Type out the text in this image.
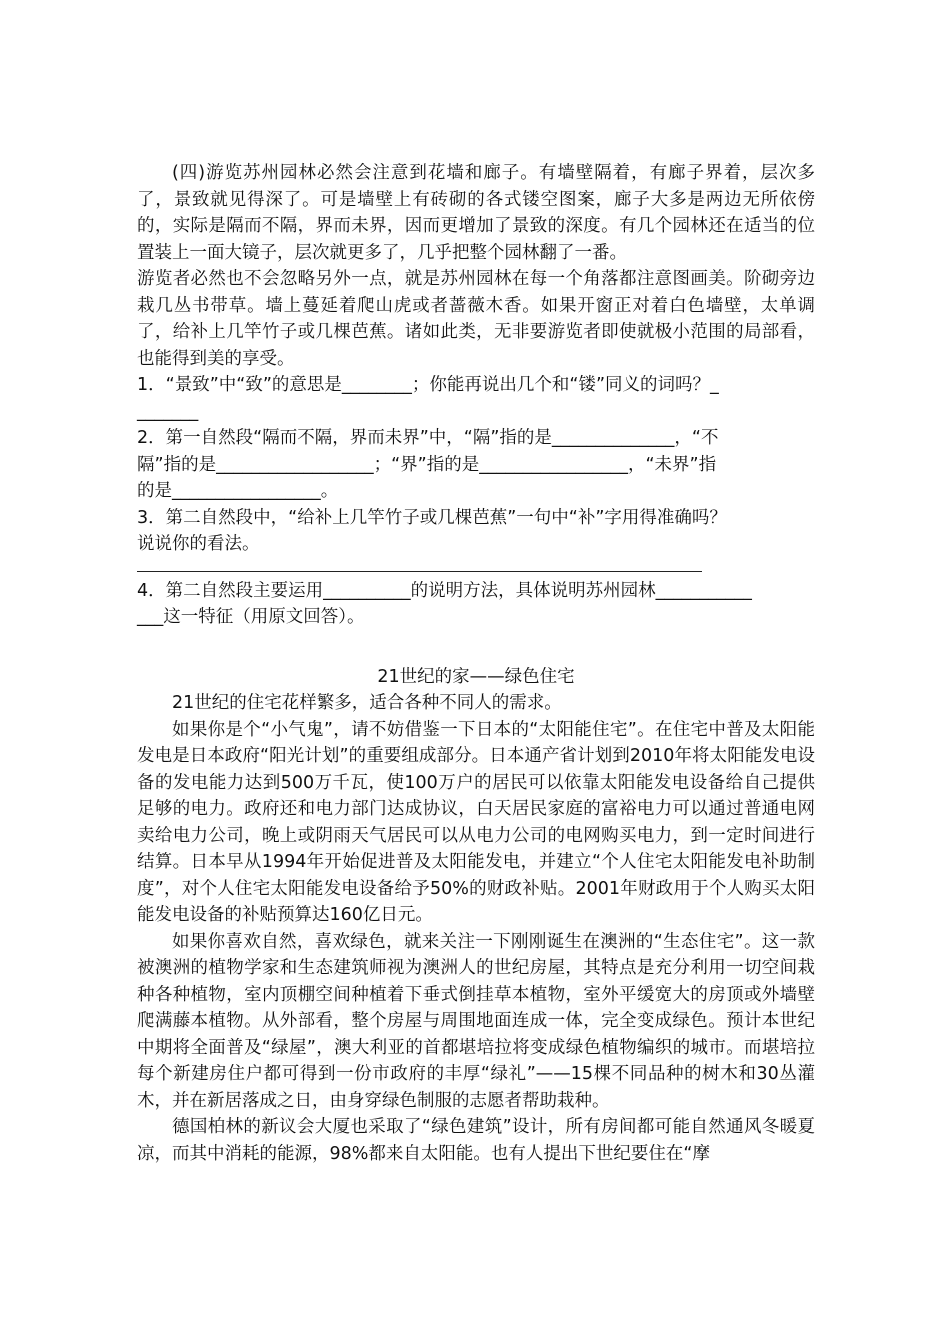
(四)游览苏州园林必然会注意到花墙和廊子。有墙壁隔着，有廊子界着，层次多了，景致就见得深了。可是墙壁上有砖砌的各式镂空图案，廊子大多是两边无所依傍的，实际是隔而不隔，界而未界，因而更增加了景致的深度。有几个园林还在适当的位置装上一面大镜子，层次就更多了，几乎把整个园林翻了一番。

游览者必然也不会忽略另外一点，就是苏州园林在每一个角落都注意图画美。阶砌旁边栽几丛书带草。墙上蔓延着爬山虎或者蔷薇木香。如果开窗正对着白色墙壁，太单调了，给补上几竿竹子或几棵芭蕉。诸如此类，无非要游览者即使就极小范围的局部看，也能得到美的享受。

1．“景致”中“致”的意思是________；你能再说出几个和“镂”同义的词吗？_
_______
2．第一自然段“隔而不隔，界而未界”中，“隔”指的是______________，“不
隔”指的是__________________；“界”指的是_________________，“未界”指
的是_________________。
3．第二自然段中，“给补上几竿竹子或几棵芭蕉”一句中“补”字用得准确吗？
说说你的看法。
4．第二自然段主要运用__________的说明方法，具体说明苏州园林___________
___这一特征（用原文回答）。
21世纪的家——绿色住宅

21世纪的住宅花样繁多，适合各种不同人的需求。

如果你是个“小气鬼”，请不妨借鉴一下日本的“太阳能住宅”。在住宅中普及太阳能发电是日本政府“阳光计划”的重要组成部分。日本通产省计划到2010年将太阳能发电设备的发电能力达到500万千瓦，使100万户的居民可以依靠太阳能发电设备给自己提供足够的电力。政府还和电力部门达成协议，白天居民家庭的富裕电力可以通过普通电网卖给电力公司，晚上或阴雨天气居民可以从电力公司的电网购买电力，到一定时间进行结算。日本早从1994年开始促进普及太阳能发电，并建立“个人住宅太阳能发电补助制度”，对个人住宅太阳能发电设备给予50%的财政补贴。2001年财政用于个人购买太阳能发电设备的补贴预算达160亿日元。

如果你喜欢自然，喜欢绿色，就来关注一下刚刚诞生在澳洲的“生态住宅”。这一款被澳洲的植物学家和生态建筑师视为澳洲人的世纪房屋，其特点是充分利用一切空间栽种各种植物，室内顶棚空间种植着下垂式倒挂草本植物，室外平缓宽大的房顶或外墙壁爬满藤本植物。从外部看，整个房屋与周围地面连成一体，完全变成绿色。预计本世纪中期将全面普及“绿屋”，澳大利亚的首都堪培拉将变成绿色植物编织的城市。而堪培拉每个新建房住户都可得到一份市政府的丰厚“绿礼”——15棵不同品种的树木和30丛灌木，并在新居落成之日，由身穿绿色制服的志愿者帮助栽种。

德国柏林的新议会大厦也采取了“绿色建筑”设计，所有房间都可能自然通风冬暖夏凉，而其中消耗的能源，98%都来自太阳能。也有人提出下世纪要住在“摩
